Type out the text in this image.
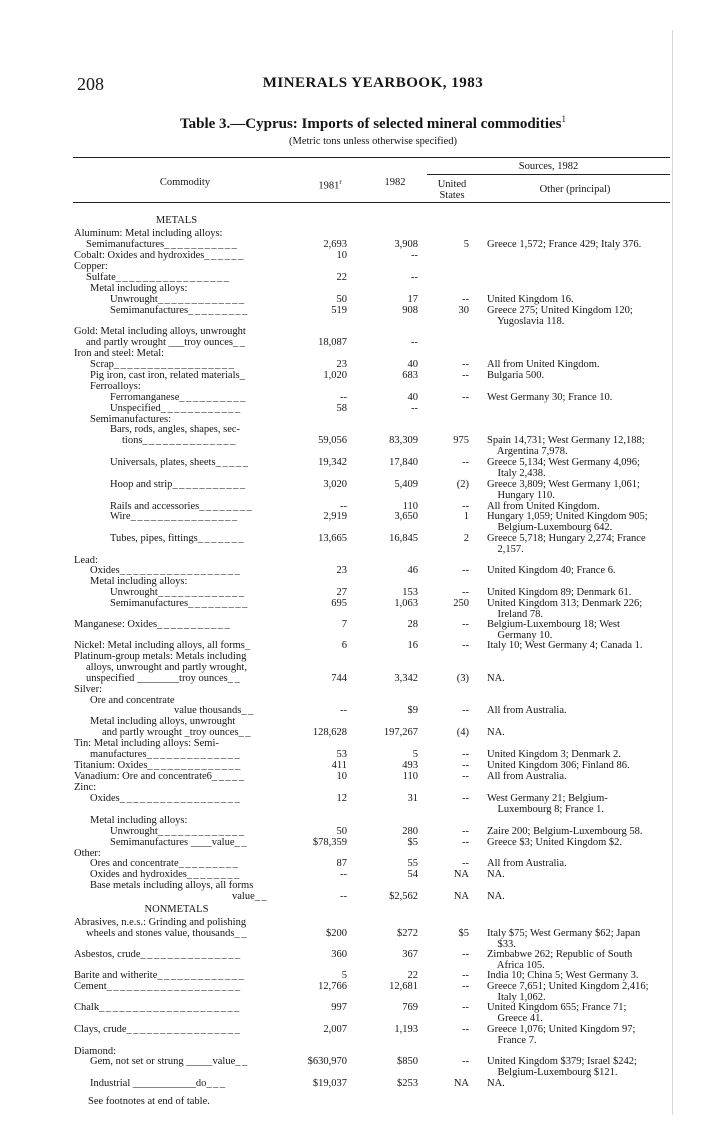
208	MINERALS YEARBOOK, 1983
Table 3.—Cyprus: Imports of selected mineral commodities$^1$
(Metric tons unless otherwise specified)
Commodity	1981$^r$	1982
Sources, 1982
United
States
Other (principal)
METALS
Aluminum: Metal including alloys:
Semimanufactures___________	2,693	3,908	5 Greece 1,572; France 429; Italy 376.
Cobalt: Oxides and hydroxides______	10	--
Copper:
Sulfate_________________	22	--
Metal including alloys:
Unwrought_____________	50	17	-- United Kingdom 16.
Semimanufactures_________	519	908	30 Greece 275; United Kingdom 120;
Yugoslavia 118.
Gold: Metal including alloys, unwrought
and partly wrought ___troy ounces__	18,087	--
Iron and steel: Metal:
Scrap__________________	23	40	-- All from United Kingdom.
Pig iron, cast iron, related materials_	1,020	683	-- Bulgaria 500.
Ferroalloys:
Ferromanganese__________	--	40	-- West Germany 30; France 10.
Unspecified____________	58	--
Semimanufactures:
Bars, rods, angles, shapes, sec-
tions______________	59,056	83,309	975 Spain 14,731; West Germany 12,188;
Argentina 7,978.
Universals, plates, sheets_____	19,342	17,840	-- Greece 5,134; West Germany 4,096;
Italy 2,438.
Hoop and strip___________	3,020	5,409	(2) Greece 3,809; West Germany 1,061;
Hungary 110.
Rails and accessories________	--	110	-- All from United Kingdom.
Wire________________	2,919	3,650	1 Hungary 1,059; United Kingdom 905;
Belgium-Luxembourg 642.
Tubes, pipes, fittings_______	13,665	16,845	2 Greece 5,718; Hungary 2,274; France
2,157.
Lead:
Oxides__________________	23	46	-- United Kingdom 40; France 6.
Metal including alloys:
Unwrought_____________	27	153	-- United Kingdom 89; Denmark 61.
Semimanufactures_________	695	1,063	250 United Kingdom 313; Denmark 226;
Ireland 78.
Manganese: Oxides___________	7	28	-- Belgium-Luxembourg 18; West
Germany 10.
Nickel: Metal including alloys, all forms_	6	16	-- Italy 10; West Germany 4; Canada 1.
Platinum-group metals: Metals including
alloys, unwrought and partly wrought,
unspecified ________troy ounces__	744	3,342	(3) NA.
Silver:
Ore and concentrate
value thousands__	--	$9	-- All from Australia.
Metal including alloys, unwrought
and partly wrought _troy ounces__	128,628	197,267	(4) NA.
Tin: Metal including alloys: Semi-
manufactures______________	53	5	-- United Kingdom 3; Denmark 2.
Titanium: Oxides______________	411	493	-- United Kingdom 306; Finland 86.
Vanadium: Ore and concentrate6_____	10	110	-- All from Australia.
Zinc:
Oxides__________________	12	31	-- West Germany 21; Belgium-
Luxembourg 8; France 1.
Metal including alloys:
Unwrought_____________	50	280	-- Zaire 200; Belgium-Luxembourg 58.
Semimanufactures ____value__	$78,359	$5	-- Greece $3; United Kingdom $2.
Other:
Ores and concentrate_________	87	55	-- All from Australia.
Oxides and hydroxides________	--	54	NA NA.
Base metals including alloys, all forms
value__	--	$2,562	NA NA.
NONMETALS
Abrasives, n.e.s.: Grinding and polishing
wheels and stones value, thousands__	$200	$272	$5 Italy $75; West Germany $62; Japan
$33.
Asbestos, crude_______________	360	367	-- Zimbabwe 262; Republic of South
Africa 105.
Barite and witherite_____________	5	22	-- India 10; China 5; West Germany 3.
Cement____________________	12,766	12,681	-- Greece 7,651; United Kingdom 2,416;
Italy 1,062.
Chalk_____________________	997	769	-- United Kingdom 655; France 71;
Greece 41.
Clays, crude_________________	2,007	1,193	-- Greece 1,076; United Kingdom 97;
France 7.
Diamond:
Gem, not set or strung _____value__	$630,970	$850	-- United Kingdom $379; Israel $242;
Belgium-Luxembourg $121.
Industrial ____________do___	$19,037	$253	NA NA.
See footnotes at end of table.
